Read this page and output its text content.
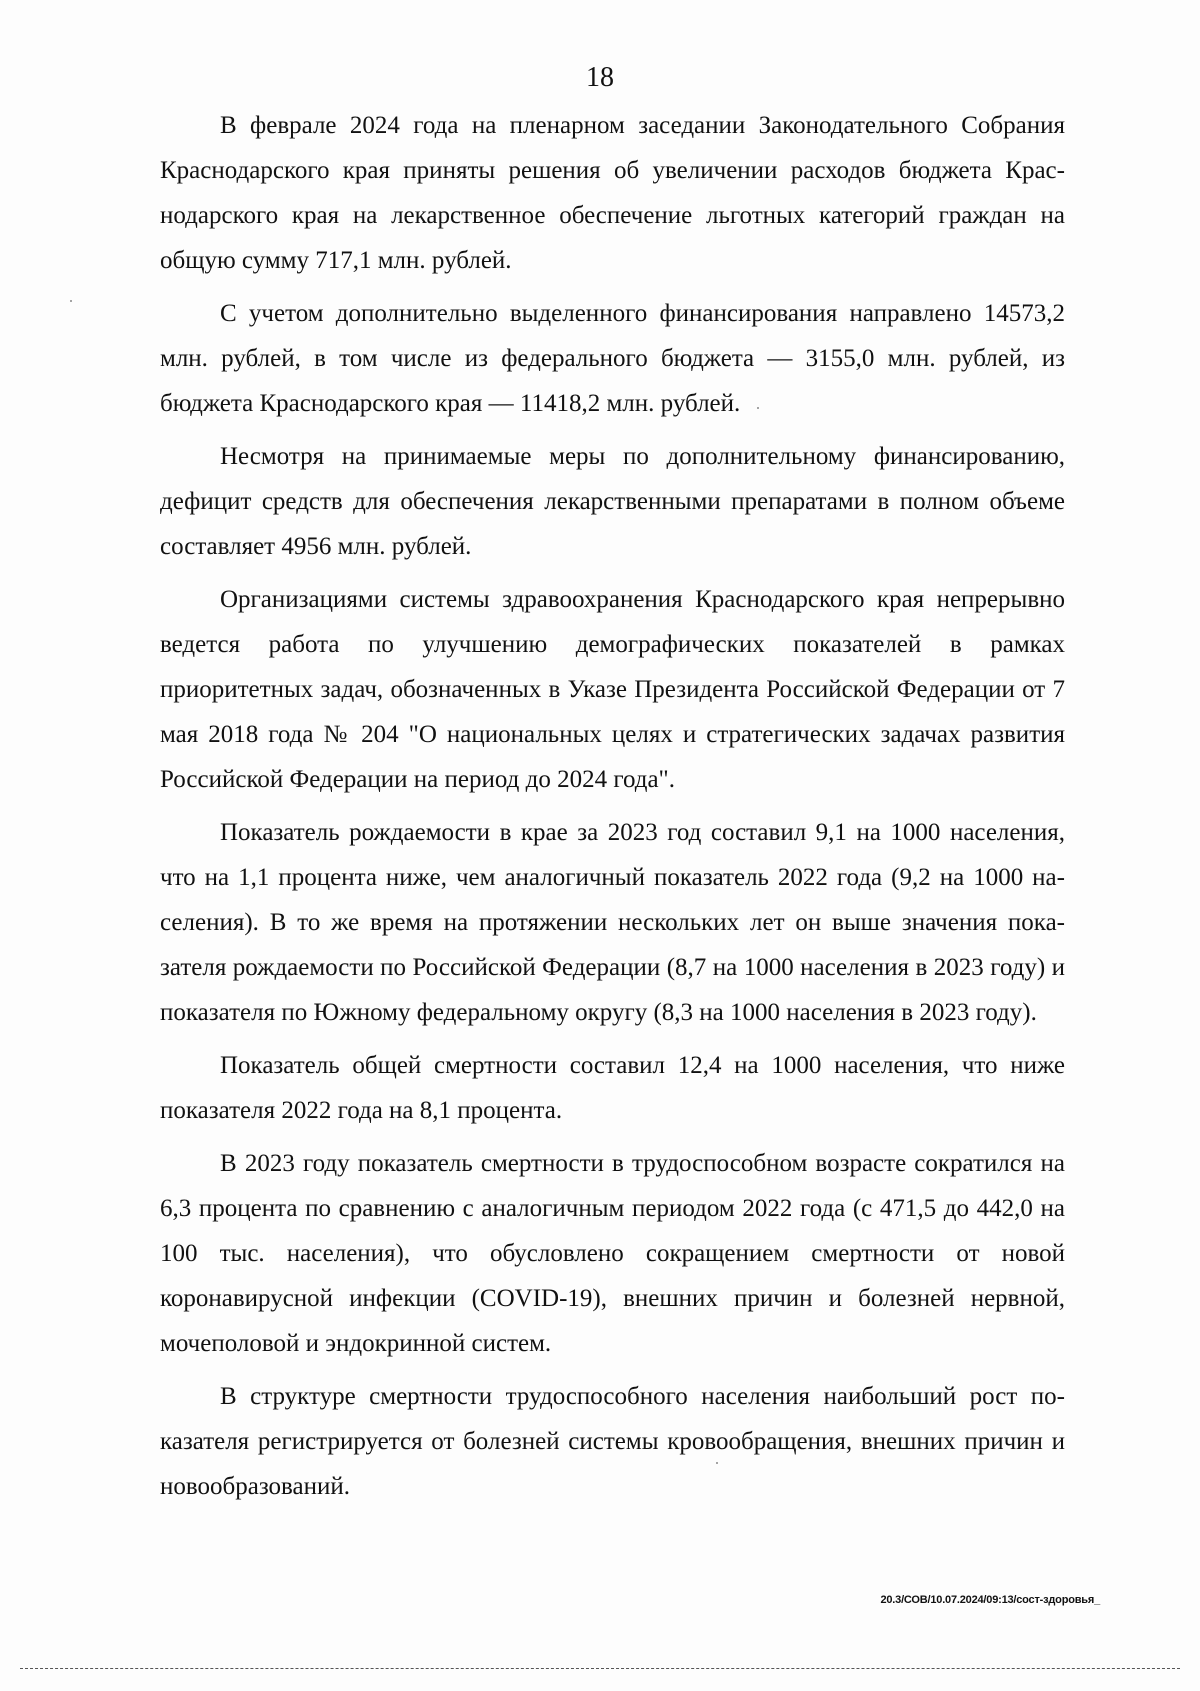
18

В феврале 2024 года на пленарном заседании Законодательного Собрания Краснодарского края приняты решения об увеличении расходов бюджета Краснодарского края на лекарственное обеспечение льготных категорий граждан на общую сумму 717,1 млн. рублей.

С учетом дополнительно выделенного финансирования направлено 14573,2 млн. рублей, в том числе из федерального бюджета — 3155,0 млн. рублей, из бюджета Краснодарского края — 11418,2 млн. рублей.

Несмотря на принимаемые меры по дополнительному финансированию, дефицит средств для обеспечения лекарственными препаратами в полном объеме составляет 4956 млн. рублей.

Организациями системы здравоохранения Краснодарского края непрерывно ведется работа по улучшению демографических показателей в рамках приоритетных задач, обозначенных в Указе Президента Российской Федерации от 7 мая 2018 года № 204 "О национальных целях и стратегических задачах развития Российской Федерации на период до 2024 года".

Показатель рождаемости в крае за 2023 год составил 9,1 на 1000 населения, что на 1,1 процента ниже, чем аналогичный показатель 2022 года (9,2 на 1000 населения). В то же время на протяжении нескольких лет он выше значения показателя рождаемости по Российской Федерации (8,7 на 1000 населения в 2023 году) и показателя по Южному федеральному округу (8,3 на 1000 населения в 2023 году).

Показатель общей смертности составил 12,4 на 1000 населения, что ниже показателя 2022 года на 8,1 процента.

В 2023 году показатель смертности в трудоспособном возрасте сократился на 6,3 процента по сравнению с аналогичным периодом 2022 года (с 471,5 до 442,0 на 100 тыс. населения), что обусловлено сокращением смертности от новой коронавирусной инфекции (COVID-19), внешних причин и болезней нервной, мочеполовой и эндокринной систем.

В структуре смертности трудоспособного населения наибольший рост показателя регистрируется от болезней системы кровообращения, внешних причин и новообразований.

20.3/СОВ/10.07.2024/09:13/сост-здоровья_
